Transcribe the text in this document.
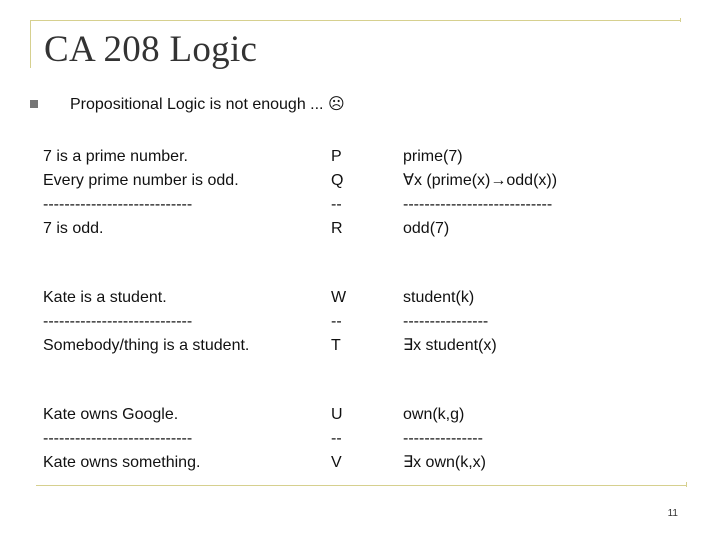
CA 208 Logic
Propositional Logic is not enough ... ☹
7 is a prime number.
Every prime number is odd.
----------------------------
7 is odd.
P
Q
--
R
prime(7)
∀x (prime(x)→odd(x))
----------------------------
odd(7)
Kate is a student.
----------------------------
Somebody/thing is a student.
W
--
T
student(k)
----------------
∃x student(x)
Kate owns Google.
----------------------------
Kate owns something.
U
--
V
own(k,g)
---------------
∃x own(k,x)
11
